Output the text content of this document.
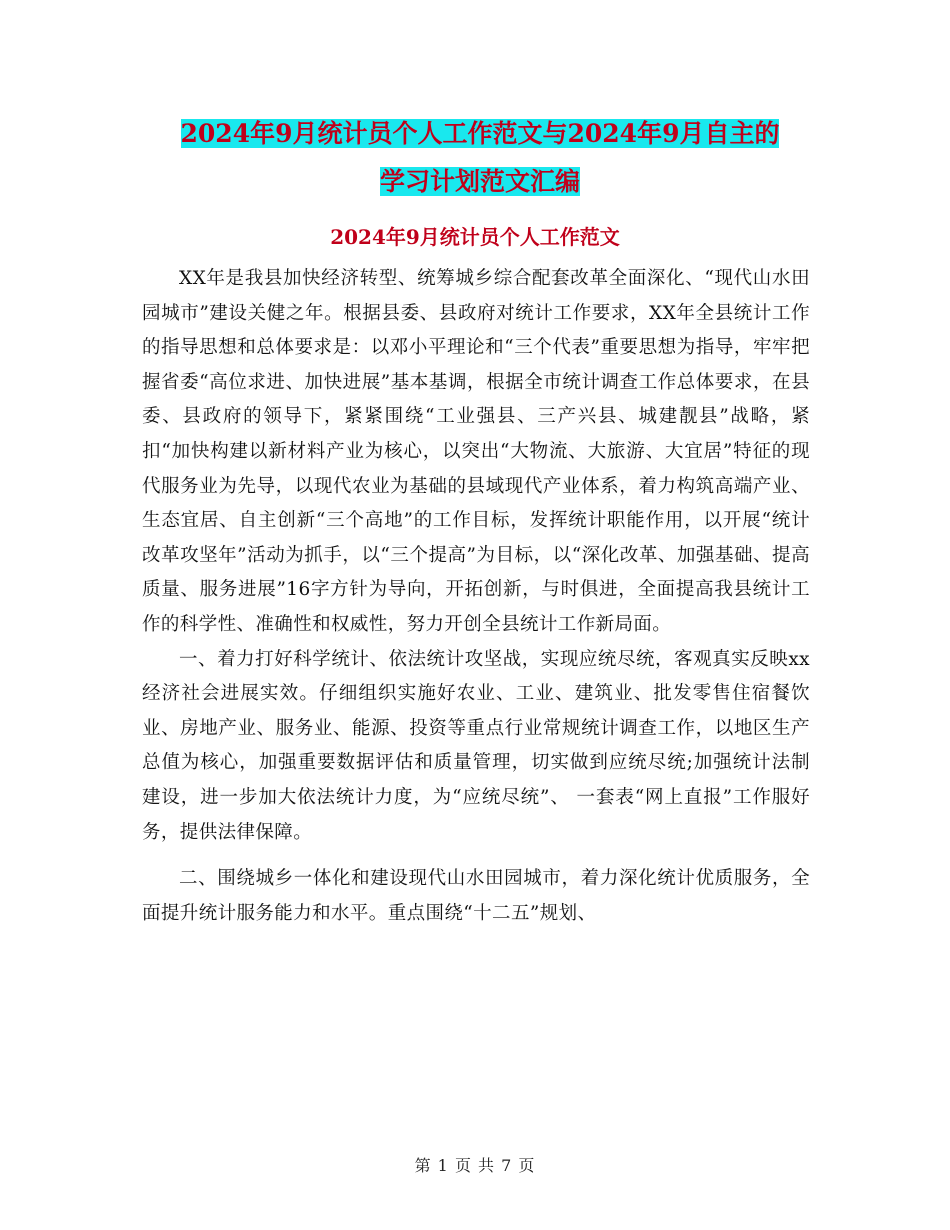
2024年9月统计员个人工作范文与2024年9月自主的
学习计划范文汇编
2024年9月统计员个人工作范文

XX年是我县加快经济转型、统筹城乡综合配套改革全面深化、“现代山水田园城市”建设关健之年。根据县委、县政府对统计工作要求，XX年全县统计工作的指导思想和总体要求是：以邓小平理论和“三个代表”重要思想为指导，牢牢把握省委“高位求进、加快进展”基本基调，根据全市统计调查工作总体要求，在县委、县政府的领导下，紧紧围绕“工业强县、三产兴县、城建靓县”战略，紧扣“加快构建以新材料产业为核心，以突出“大物流、大旅游、大宜居”特征的现代服务业为先导，以现代农业为基础的县域现代产业体系，着力构筑高端产业、生态宜居、自主创新“三个高地”的工作目标，发挥统计职能作用，以开展“统计改革攻坚年”活动为抓手，以“三个提高”为目标，以“深化改革、加强基础、提高质量、服务进展”16字方针为导向，开拓创新，与时俱进，全面提高我县统计工作的科学性、准确性和权威性，努力开创全县统计工作新局面。

一、着力打好科学统计、依法统计攻坚战，实现应统尽统，客观真实反映xx经济社会进展实效。仔细组织实施好农业、工业、建筑业、批发零售住宿餐饮业、房地产业、服务业、能源、投资等重点行业常规统计调查工作，以地区生产总值为核心，加强重要数据评估和质量管理，切实做到应统尽统;加强统计法制建设，进一步加大依法统计力度，为“应统尽统”、 一套表“网上直报”工作服好务，提供法律保障。

二、围绕城乡一体化和建设现代山水田园城市，着力深化统计优质服务，全面提升统计服务能力和水平。重点围绕“十二五”规划、

第 1 页 共 7 页
